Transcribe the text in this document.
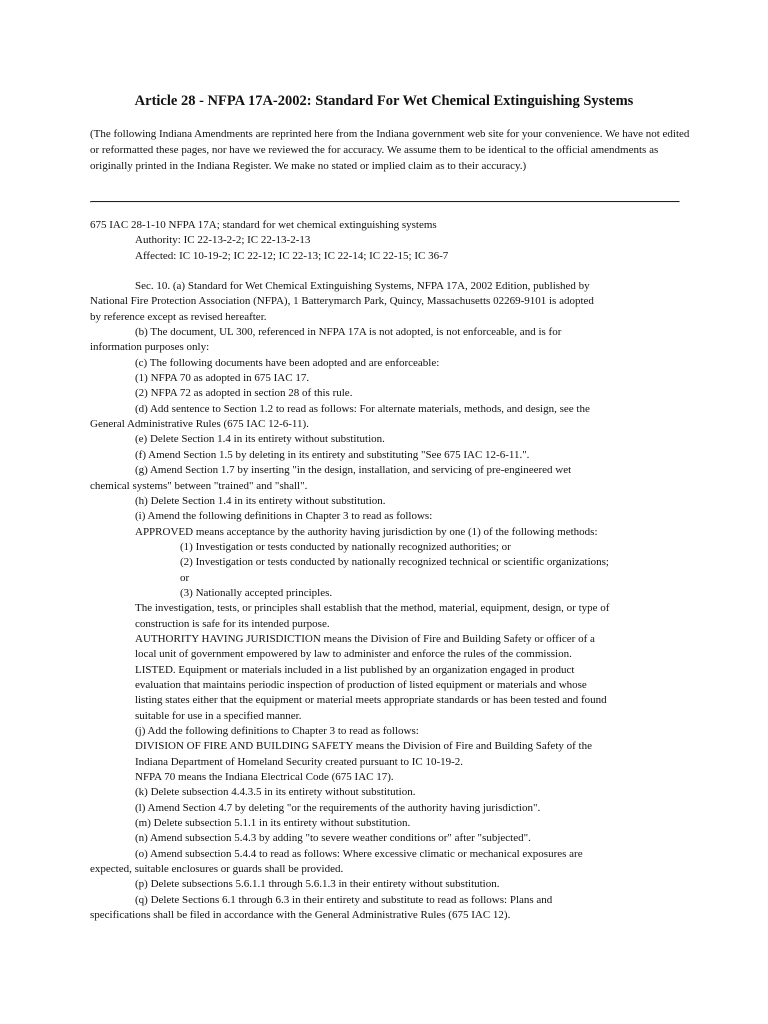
Article 28 - NFPA 17A-2002: Standard For Wet Chemical Extinguishing Systems
(The following Indiana Amendments are reprinted here from the Indiana government web site for your convenience. We have not edited or reformatted these pages, nor have we reviewed the for accuracy. We assume them to be identical to the official amendments as originally printed in the Indiana Register. We make no stated or implied claim as to their accuracy.)
675 IAC 28-1-10 NFPA 17A; standard for wet chemical extinguishing systems
Authority: IC 22-13-2-2; IC 22-13-2-13
Affected: IC 10-19-2; IC 22-12; IC 22-13; IC 22-14; IC 22-15; IC 36-7
Sec. 10. (a) Standard for Wet Chemical Extinguishing Systems, NFPA 17A, 2002 Edition, published by
National Fire Protection Association (NFPA), 1 Batterymarch Park, Quincy, Massachusetts 02269-9101 is adopted
by reference except as revised hereafter.
(b) The document, UL 300, referenced in NFPA 17A is not adopted, is not enforceable, and is for
information purposes only:
(c) The following documents have been adopted and are enforceable:
(1) NFPA 70 as adopted in 675 IAC 17.
(2) NFPA 72 as adopted in section 28 of this rule.
(d) Add sentence to Section 1.2 to read as follows: For alternate materials, methods, and design, see the
General Administrative Rules (675 IAC 12-6-11).
(e) Delete Section 1.4 in its entirety without substitution.
(f) Amend Section 1.5 by deleting in its entirety and substituting "See 675 IAC 12-6-11.".
(g) Amend Section 1.7 by inserting "in the design, installation, and servicing of pre-engineered wet
chemical systems" between "trained" and "shall".
(h) Delete Section 1.4 in its entirety without substitution.
(i) Amend the following definitions in Chapter 3 to read as follows:
APPROVED means acceptance by the authority having jurisdiction by one (1) of the following methods:
(1) Investigation or tests conducted by nationally recognized authorities; or
(2) Investigation or tests conducted by nationally recognized technical or scientific organizations;
or
(3) Nationally accepted principles.
The investigation, tests, or principles shall establish that the method, material, equipment, design, or type of
construction is safe for its intended purpose.
AUTHORITY HAVING JURISDICTION means the Division of Fire and Building Safety or officer of a
local unit of government empowered by law to administer and enforce the rules of the commission.
LISTED. Equipment or materials included in a list published by an organization engaged in product
evaluation that maintains periodic inspection of production of listed equipment or materials and whose
listing states either that the equipment or material meets appropriate standards or has been tested and found
suitable for use in a specified manner.
(j) Add the following definitions to Chapter 3 to read as follows:
DIVISION OF FIRE AND BUILDING SAFETY means the Division of Fire and Building Safety of the
Indiana Department of Homeland Security created pursuant to IC 10-19-2.
NFPA 70 means the Indiana Electrical Code (675 IAC 17).
(k) Delete subsection 4.4.3.5 in its entirety without substitution.
(l) Amend Section 4.7 by deleting "or the requirements of the authority having jurisdiction".
(m) Delete subsection 5.1.1 in its entirety without substitution.
(n) Amend subsection 5.4.3 by adding "to severe weather conditions or" after "subjected".
(o) Amend subsection 5.4.4 to read as follows: Where excessive climatic or mechanical exposures are
expected, suitable enclosures or guards shall be provided.
(p) Delete subsections 5.6.1.1 through 5.6.1.3 in their entirety without substitution.
(q) Delete Sections 6.1 through 6.3 in their entirety and substitute to read as follows: Plans and
specifications shall be filed in accordance with the General Administrative Rules (675 IAC 12).
